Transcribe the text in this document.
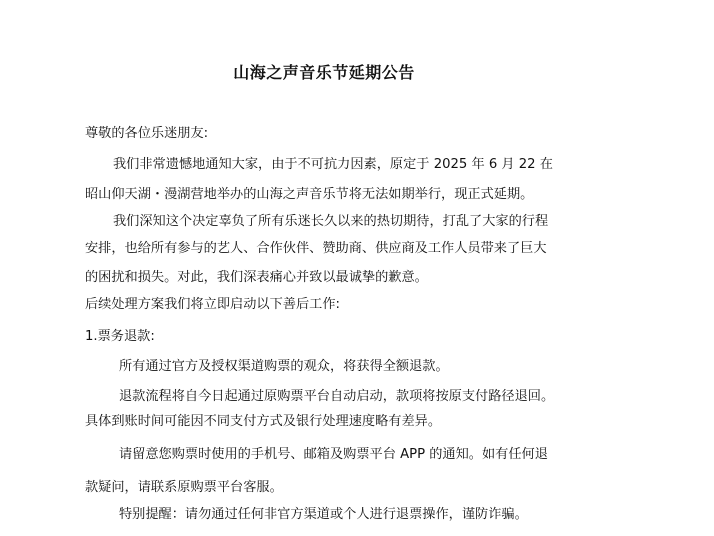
山海之声音乐节延期公告

尊敬的各位乐迷朋友:

我们非常遗憾地通知大家，由于不可抗力因素，原定于 2025 年 6 月 22 在

昭山仰天湖・漫湖营地举办的山海之声音乐节将无法如期举行，现正式延期。

我们深知这个决定辜负了所有乐迷长久以来的热切期待，打乱了大家的行程

安排，也给所有参与的艺人、合作伙伴、赞助商、供应商及工作人员带来了巨大

的困扰和损失。对此，我们深表痛心并致以最诚挚的歉意。

后续处理方案我们将立即启动以下善后工作:

1.票务退款:

所有通过官方及授权渠道购票的观众，将获得全额退款。

退款流程将自今日起通过原购票平台自动启动，款项将按原支付路径退回。

具体到账时间可能因不同支付方式及银行处理速度略有差异。

请留意您购票时使用的手机号、邮箱及购票平台 APP 的通知。如有任何退

款疑问，请联系原购票平台客服。

特别提醒：请勿通过任何非官方渠道或个人进行退票操作，谨防诈骗。
